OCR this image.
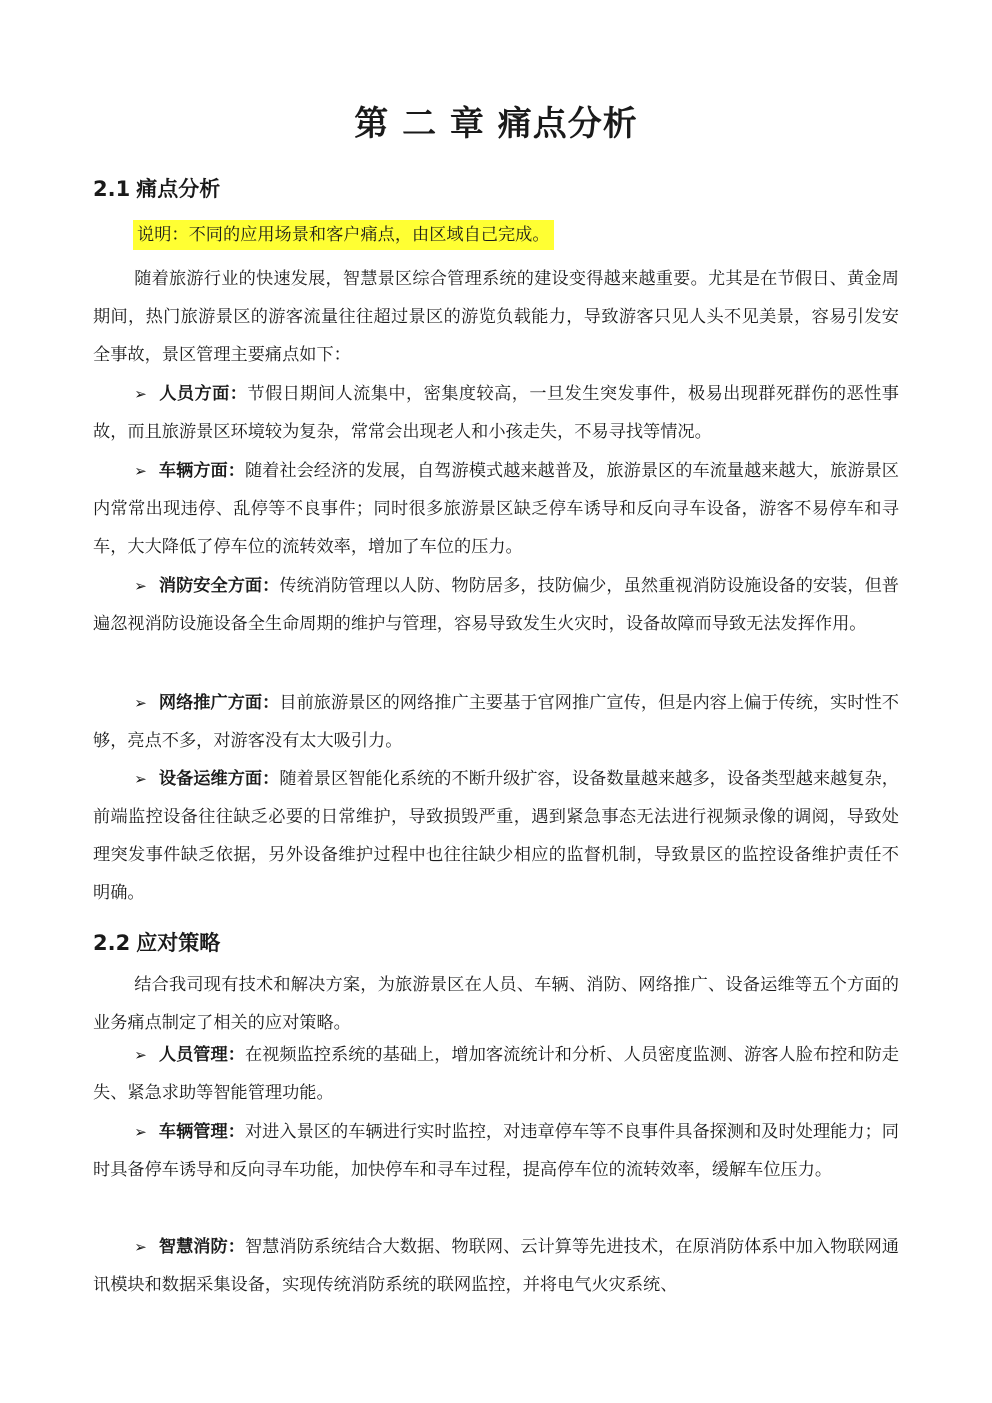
第 二 章 痛点分析
2.1 痛点分析
说明：不同的应用场景和客户痛点，由区域自己完成。

随着旅游行业的快速发展，智慧景区综合管理系统的建设变得越来越重要。尤其是在节假日、黄金周期间，热门旅游景区的游客流量往往超过景区的游览负载能力，导致游客只见人头不见美景，容易引发安全事故，景区管理主要痛点如下：

➢ 人员方面：节假日期间人流集中，密集度较高，一旦发生突发事件，极易出现群死群伤的恶性事故，而且旅游景区环境较为复杂，常常会出现老人和小孩走失，不易寻找等情况。

➢ 车辆方面：随着社会经济的发展，自驾游模式越来越普及，旅游景区的车流量越来越大，旅游景区内常常出现违停、乱停等不良事件；同时很多旅游景区缺乏停车诱导和反向寻车设备，游客不易停车和寻车，大大降低了停车位的流转效率，增加了车位的压力。

➢ 消防安全方面：传统消防管理以人防、物防居多，技防偏少，虽然重视消防设施设备的安装，但普遍忽视消防设施设备全生命周期的维护与管理，容易导致发生火灾时，设备故障而导致无法发挥作用。

➢ 网络推广方面：目前旅游景区的网络推广主要基于官网推广宣传，但是内容上偏于传统，实时性不够，亮点不多，对游客没有太大吸引力。

➢ 设备运维方面：随着景区智能化系统的不断升级扩容，设备数量越来越多，设备类型越来越复杂，前端监控设备往往缺乏必要的日常维护，导致损毁严重，遇到紧急事态无法进行视频录像的调阅，导致处理突发事件缺乏依据，另外设备维护过程中也往往缺少相应的监督机制，导致景区的监控设备维护责任不明确。

2.2 应对策略

结合我司现有技术和解决方案，为旅游景区在人员、车辆、消防、网络推广、设备运维等五个方面的业务痛点制定了相关的应对策略。

➢ 人员管理：在视频监控系统的基础上，增加客流统计和分析、人员密度监测、游客人脸布控和防走失、紧急求助等智能管理功能。

➢ 车辆管理：对进入景区的车辆进行实时监控，对违章停车等不良事件具备探测和及时处理能力；同时具备停车诱导和反向寻车功能，加快停车和寻车过程，提高停车位的流转效率，缓解车位压力。

➢ 智慧消防：智慧消防系统结合大数据、物联网、云计算等先进技术，在原消防体系中加入物联网通讯模块和数据采集设备，实现传统消防系统的联网监控，并将电气火灾系统、
